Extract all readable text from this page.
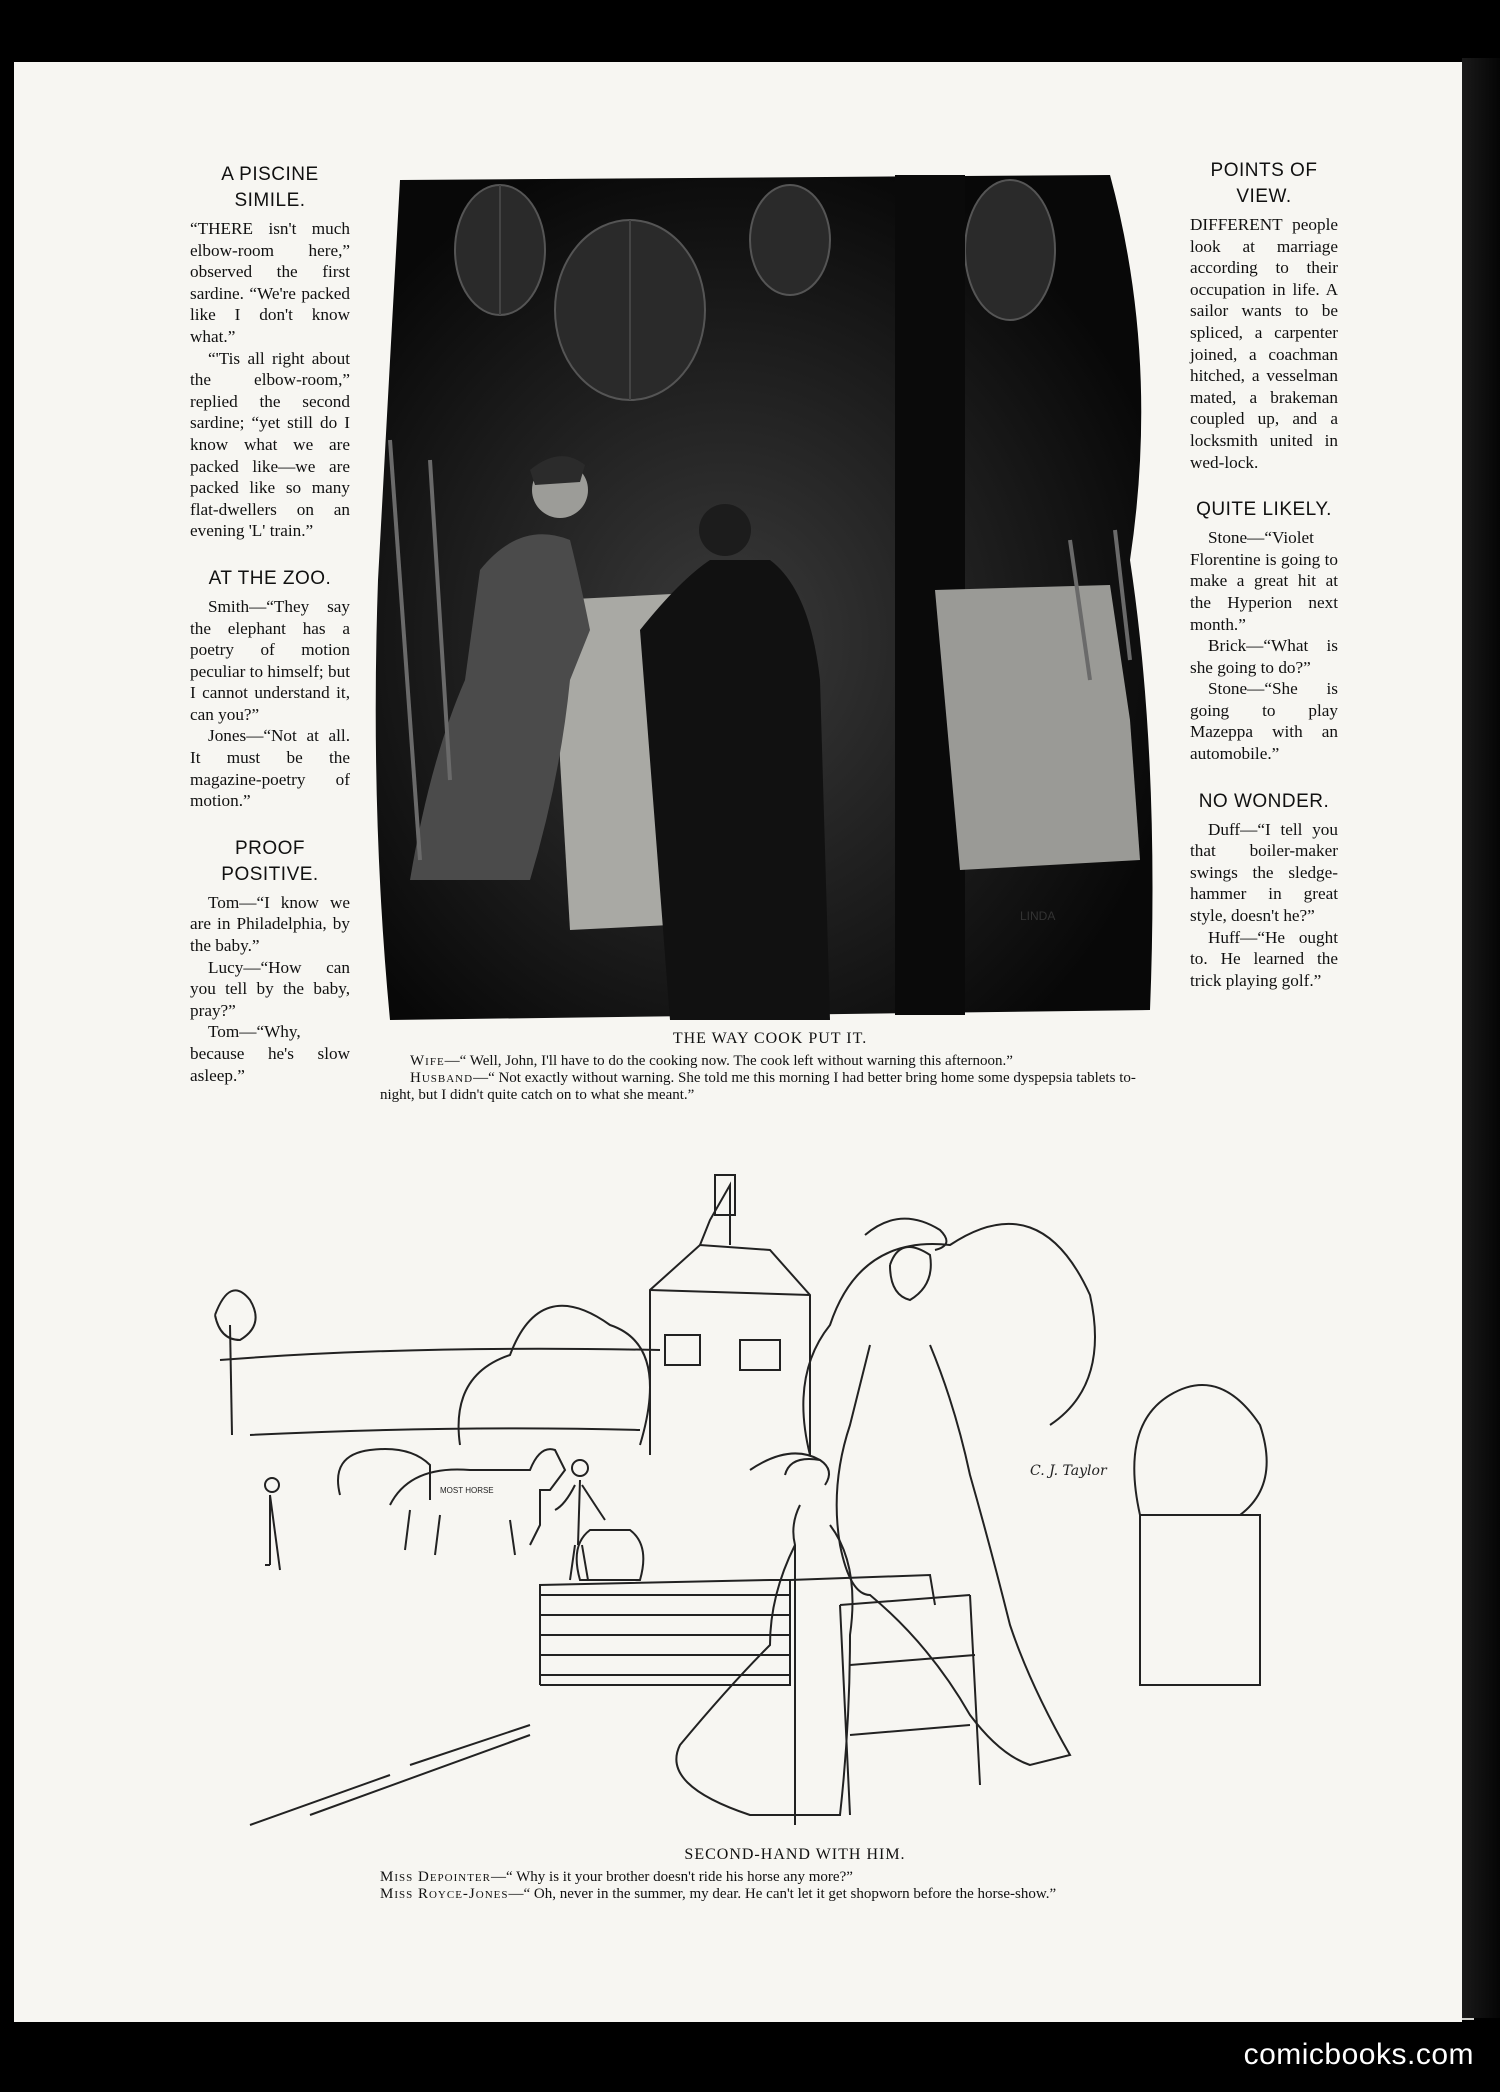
A PISCINE SIMILE.

“THERE isn't much elbow-room here,” observed the first sardine. “We're packed like I don't know what.”

“'Tis all right about the elbow-room,” replied the second sardine; “yet still do I know what we are packed like—we are packed like so many flat-dwellers on an evening 'L' train.”

AT THE ZOO.

Smith—“They say the elephant has a poetry of motion peculiar to himself; but I cannot understand it, can you?”

Jones—“Not at all. It must be the magazine-poetry of motion.”

PROOF POSITIVE.

Tom—“I know we are in Philadelphia, by the baby.”

Lucy—“How can you tell by the baby, pray?”

Tom—“Why, because he's slow asleep.”

POINTS OF VIEW.

DIFFERENT people look at marriage according to their occupation in life. A sailor wants to be spliced, a carpenter joined, a coachman hitched, a vesselman mated, a brakeman coupled up, and a locksmith united in wed-lock.

QUITE LIKELY.

Stone—“Violet Florentine is going to make a great hit at the Hyperion next month.”

Brick—“What is she going to do?”

Stone—“She is going to play Mazeppa with an automobile.”

NO WONDER.

Duff—“I tell you that boiler-maker swings the sledge-hammer in great style, doesn't he?”

Huff—“He ought to. He learned the trick playing golf.”

LINDA
THE WAY COOK PUT IT.
Wife—“ Well, John, I'll have to do the cooking now. The cook left without warning this afternoon.”
Husband—“ Not exactly without warning. She told me this morning I had better bring home some dyspepsia tablets to-night, but I didn't quite catch on to what she meant.”
C. J. Taylor
MOST HORSE
SECOND-HAND WITH HIM.
Miss Depointer—“ Why is it your brother doesn't ride his horse any more?”
Miss Royce-Jones—“ Oh, never in the summer, my dear. He can't let it get shopworn before the horse-show.”
comicbooks.com
